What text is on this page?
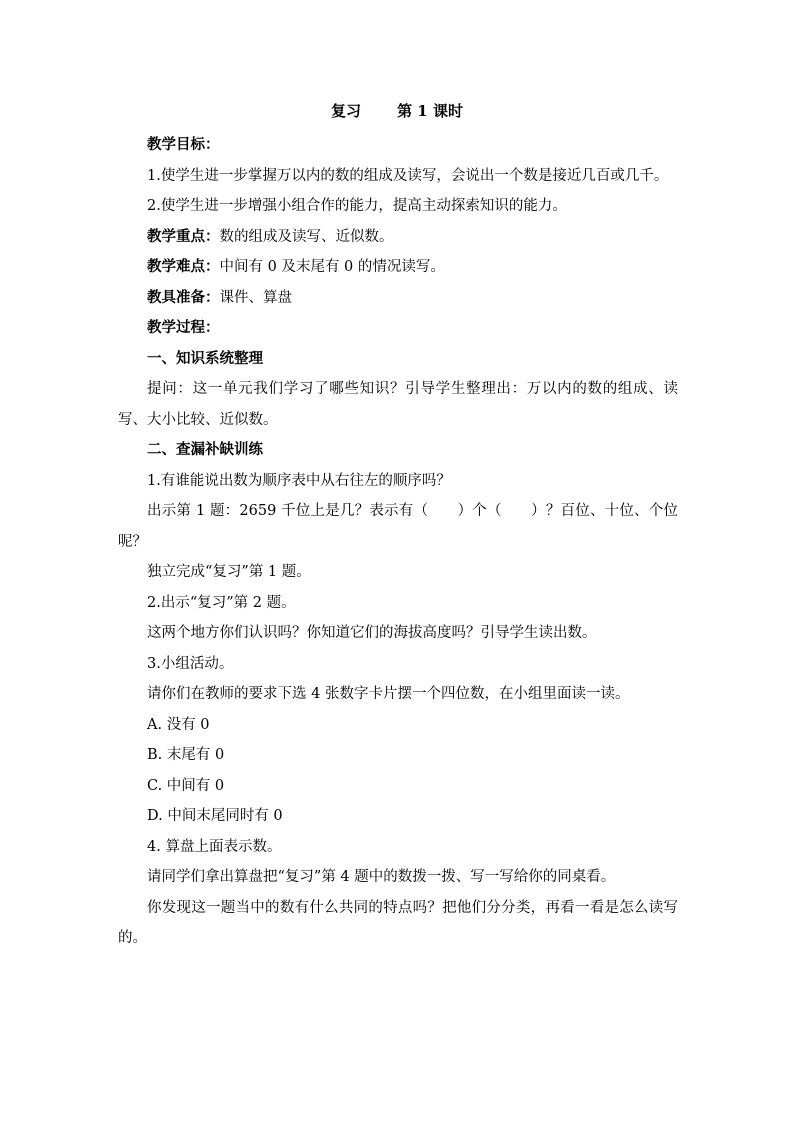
复习 第 1 课时

教学目标：

1.使学生进一步掌握万以内的数的组成及读写，会说出一个数是接近几百或几千。

2.使学生进一步增强小组合作的能力，提高主动探索知识的能力。

教学重点：数的组成及读写、近似数。

教学难点：中间有 0 及末尾有 0 的情况读写。

教具准备：课件、算盘

教学过程：

一、知识系统整理

提问：这一单元我们学习了哪些知识？引导学生整理出：万以内的数的组成、读写、大小比较、近似数。

二、查漏补缺训练

1.有谁能说出数为顺序表中从右往左的顺序吗？

出示第 1 题：2659 千位上是几？表示有（　　）个（　　）？百位、十位、个位呢？

独立完成“复习”第 1 题。

2.出示“复习”第 2 题。

这两个地方你们认识吗？你知道它们的海拔高度吗？引导学生读出数。

3.小组活动。

请你们在教师的要求下选 4 张数字卡片摆一个四位数，在小组里面读一读。

A. 没有 0

B. 末尾有 0

C. 中间有 0

D. 中间末尾同时有 0

4. 算盘上面表示数。

请同学们拿出算盘把“复习”第 4 题中的数拨一拨、写一写给你的同桌看。

你发现这一题当中的数有什么共同的特点吗？把他们分分类，再看一看是怎么读写的。
